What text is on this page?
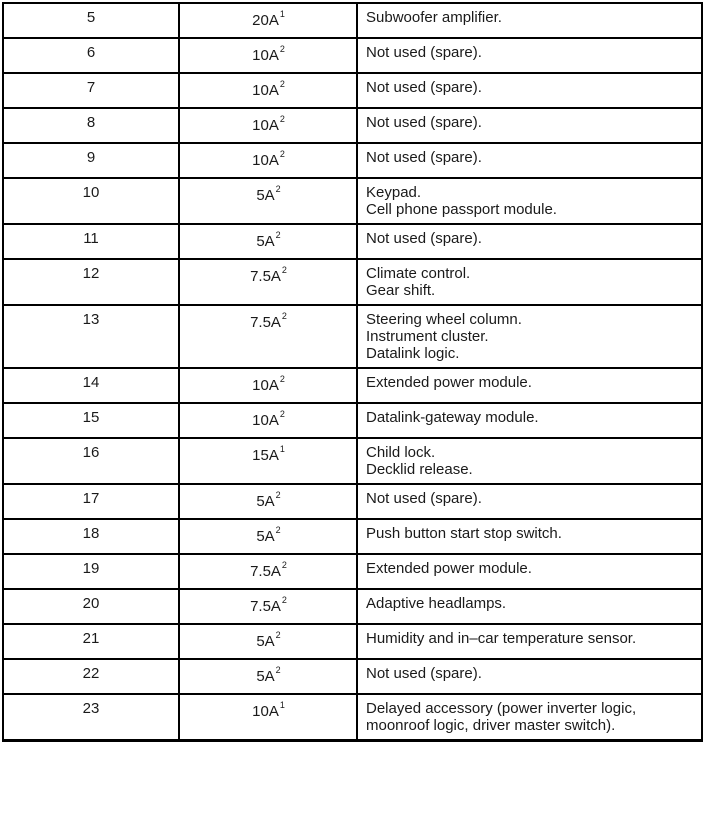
5	$20A^1$	Subwoofer amplifier.

6	$10A^2$	Not used (spare).

7	$10A^2$	Not used (spare).

8	$10A^2$	Not used (spare).

9	$10A^2$	Not used (spare).

10	$5A^2$	Keypad.
Cell phone passport module.

11	$5A^2$	Not used (spare).

12	$7.5A^2$	Climate control.
Gear shift.

13	$7.5A^2$	Steering wheel column.
Instrument cluster.
Datalink logic.

14	$10A^2$	Extended power module.

15	$10A^2$	Datalink-gateway module.

16	$15A^1$	Child lock.
Decklid release.

17	$5A^2$	Not used (spare).

18	$5A^2$	Push button start stop switch.

19	$7.5A^2$	Extended power module.

20	$7.5A^2$	Adaptive headlamps.

21	$5A^2$	Humidity and in–car temperature sensor.

22	$5A^2$	Not used (spare).

23	$10A^1$	Delayed accessory (power inverter logic, moonroof logic, driver master switch).
